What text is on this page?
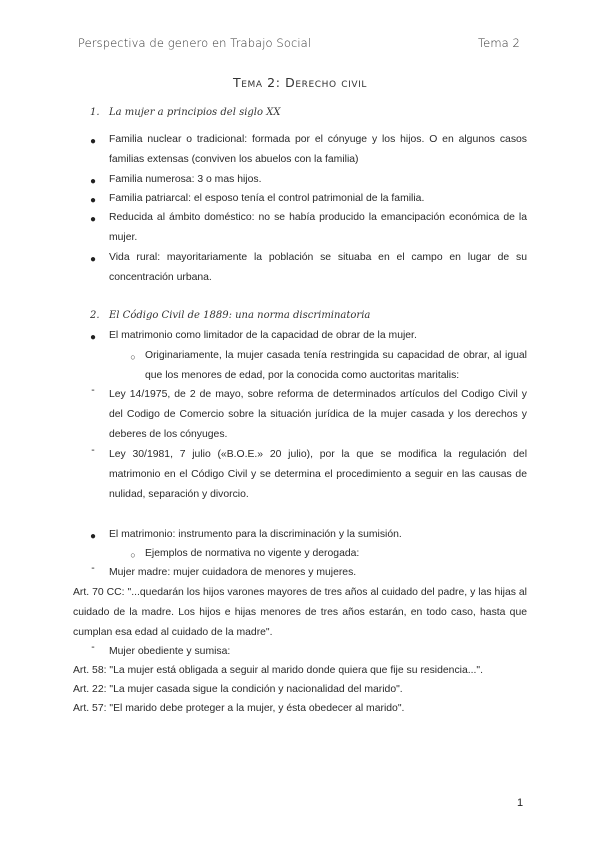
Perspectiva de genero en Trabajo Social	Tema 2
Tema 2: Derecho civil
1. La mujer a principios del siglo XX
● Familia nuclear o tradicional: formada por el cónyuge y los hijos. O en algunos casos familias extensas (conviven los abuelos con la familia)
● Familia numerosa: 3 o mas hijos.
● Familia patriarcal: el esposo tenía el control patrimonial de la familia.
● Reducida al ámbito doméstico: no se había producido la emancipación económica de la mujer.
● Vida rural: mayoritariamente la población se situaba en el campo en lugar de su concentración urbana.
2. El Código Civil de 1889: una norma discriminatoria
● El matrimonio como limitador de la capacidad de obrar de la mujer.
○ Originariamente, la mujer casada tenía restringida su capacidad de obrar, al igual que los menores de edad, por la conocida como auctoritas maritalis:
- Ley 14/1975, de 2 de mayo, sobre reforma de determinados artículos del Codigo Civil y del Codigo de Comercio sobre la situación jurídica de la mujer casada y los derechos y deberes de los cónyuges.
- Ley 30/1981, 7 julio («B.O.E.» 20 julio), por la que se modifica la regulación del matrimonio en el Código Civil y se determina el procedimiento a seguir en las causas de nulidad, separación y divorcio.
● El matrimonio: instrumento para la discriminación y la sumisión.
○ Ejemplos de normativa no vigente y derogada:
- Mujer madre: mujer cuidadora de menores y mujeres.
Art. 70 CC: "...quedarán los hijos varones mayores de tres años al cuidado del padre, y las hijas al cuidado de la madre. Los hijos e hijas menores de tres años estarán, en todo caso, hasta que cumplan esa edad al cuidado de la madre".
- Mujer obediente y sumisa:
Art. 58: "La mujer está obligada a seguir al marido donde quiera que fije su residencia...".
Art. 22: "La mujer casada sigue la condición y nacionalidad del marido".
Art. 57: "El marido debe proteger a la mujer, y ésta obedecer al marido".
1
